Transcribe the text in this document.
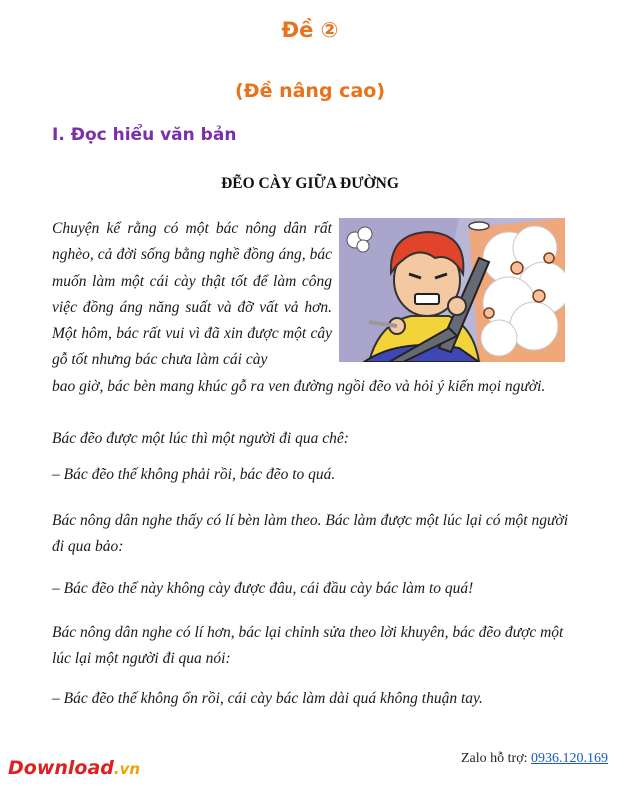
Đề ②
(Đề nâng cao)
I. Đọc hiểu văn bản
ĐẼO CÀY GIỮA ĐƯỜNG
Chuyện kể rằng có một bác nông dân rất nghèo, cả đời sống bằng nghề đồng áng, bác muốn làm một cái cày thật tốt để làm công việc đồng áng năng suất và đỡ vất vả hơn. Một hôm, bác rất vui vì đã xin được một cây gỗ tốt nhưng bác chưa làm cái cày
bao giờ, bác bèn mang khúc gỗ ra ven đường ngồi đẽo và hỏi ý kiến mọi người.
Bác đẽo được một lúc thì một người đi qua chê:
– Bác đẽo thế không phải rồi, bác đẽo to quá.
Bác nông dân nghe thấy có lí bèn làm theo. Bác làm được một lúc lại có một người đi qua bảo:
– Bác đẽo thế này không cày được đâu, cái đầu cày bác làm to quá!
Bác nông dân nghe có lí hơn, bác lại chỉnh sửa theo lời khuyên, bác đẽo được một lúc lại một người đi qua nói:
– Bác đẽo thế không ổn rồi, cái cày bác làm dài quá không thuận tay.
Download.vn
Zalo hỗ trợ: 0936.120.169
